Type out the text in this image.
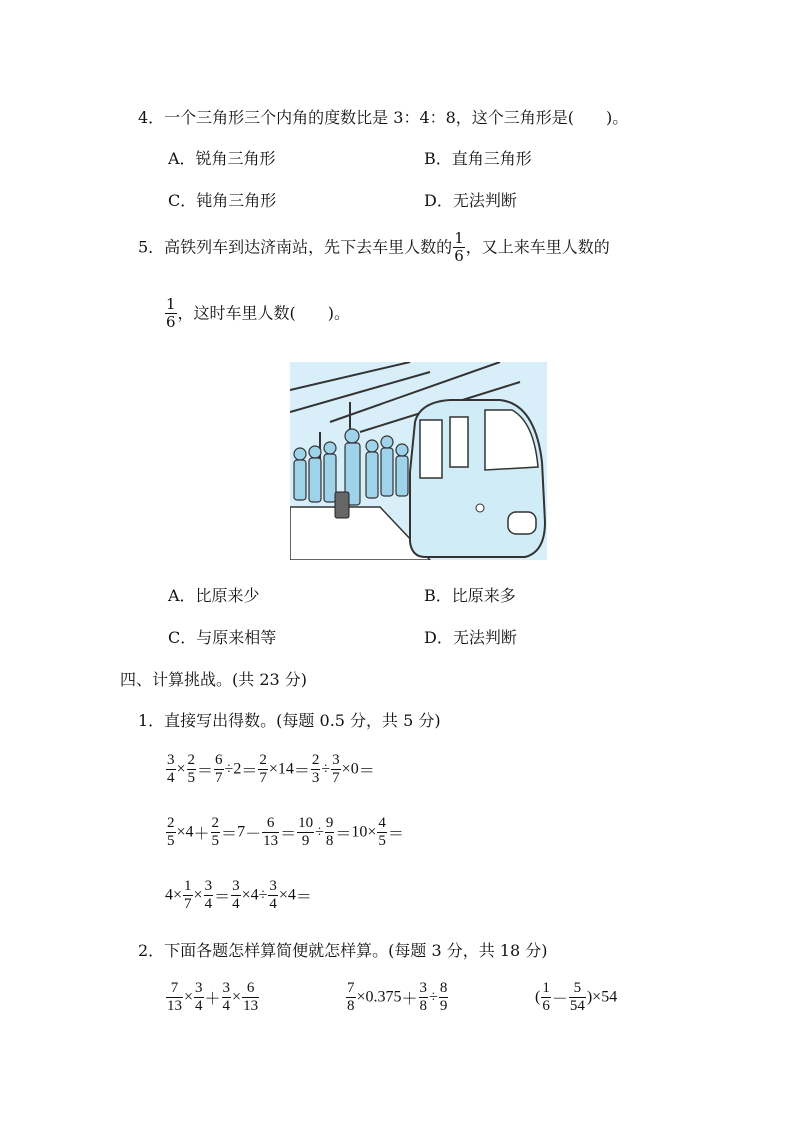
4．一个三角形三个内角的度数比是 3：4：8，这个三角形是(　　)。
A．锐角三角形	B．直角三角形
C．钝角三角形	D．无法判断
5．高铁列车到达济南站，先下去车里人数的 $\frac{1}{6}$ ，又上来车里人数的
$\frac{1}{6}$ ，这时车里人数(　　)。
A．比原来少	B．比原来多
C．与原来相等	D．无法判断
四、计算挑战。(共 23 分)
1．直接写出得数。(每题 0.5 分，共 5 分)
$\frac{3}{4} \times \frac{2}{5} = \frac{6}{7} \div 2= \frac{2}{7} \times 14= \frac{2}{3} \div \frac{3}{7} \times 0=$
$\frac{2}{5} \times 4+ \frac{2}{5} =7- \frac{6}{13} = \frac{10}{9} \div \frac{9}{8} =10\times \frac{4}{5}$ ＝
$4\times \frac{1}{7} \times \frac{3}{4} = \frac{3}{4} \times 4\div \frac{3}{4} \times 4=$
2．下面各题怎样算简便就怎样算。(每题 3 分，共 18 分)
$\frac{7}{13} \times \frac{3}{4} + \frac{3}{4} \times \frac{6}{13}$	$\frac{7}{8} \times 0.375+ \frac{3}{8} \div \frac{8}{9}$	( $\frac{1}{6} - \frac{5}{54} )\times 54$
